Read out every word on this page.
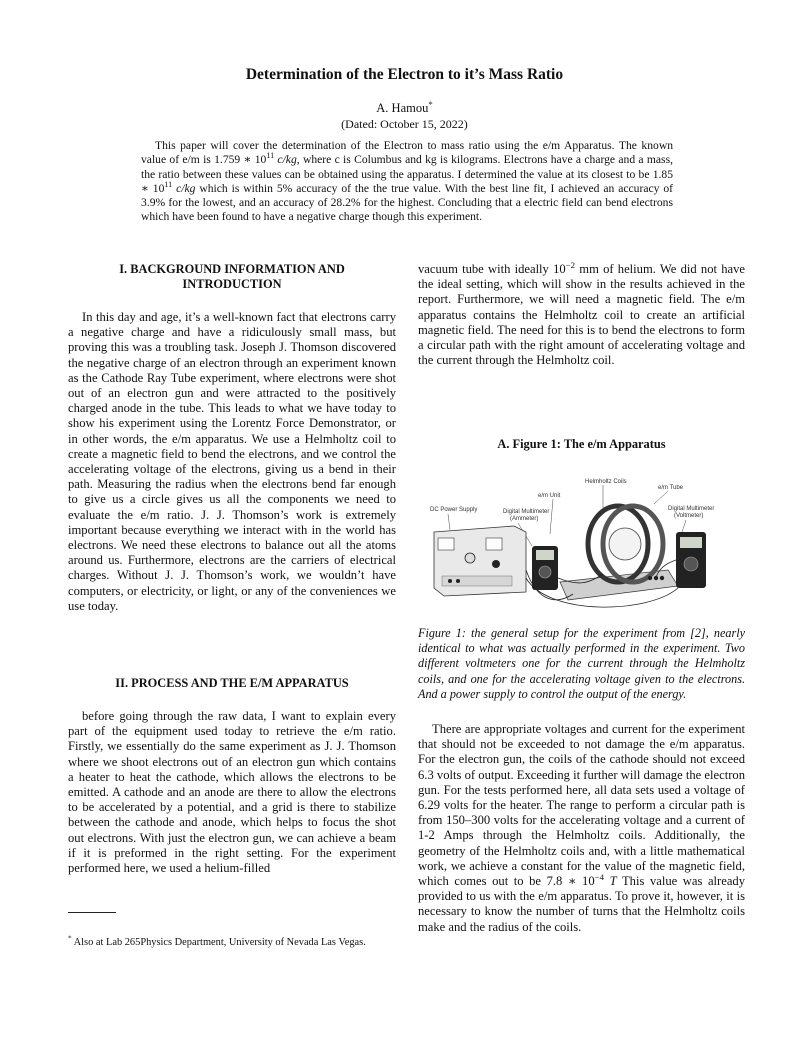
Determination of the Electron to it’s Mass Ratio
A. Hamou*
(Dated: October 15, 2022)

This paper will cover the determination of the Electron to mass ratio using the e/m Apparatus. The known value of e/m is 1.759 ∗ $10^{11}$ c/kg, where c is Columbus and kg is kilograms. Electrons have a charge and a mass, the ratio between these values can be obtained using the apparatus. I determined the value at its closest to be 1.85 ∗ $10^{11}$ c/kg which is within 5% accuracy of the the true value. With the best line fit, I achieved an accuracy of 3.9% for the lowest, and an accuracy of 28.2% for the highest. Concluding that a electric field can bend electrons which have been found to have a negative charge though this experiment.

I. BACKGROUND INFORMATION AND INTRODUCTION

In this day and age, it’s a well-known fact that electrons carry a negative charge and have a ridiculously small mass, but proving this was a troubling task. Joseph J. Thomson discovered the negative charge of an electron through an experiment known as the Cathode Ray Tube experiment, where electrons were shot out of an electron gun and were attracted to the positively charged anode in the tube. This leads to what we have today to show his experiment using the Lorentz Force Demonstrator, or in other words, the e/m apparatus. We use a Helmholtz coil to create a magnetic field to bend the electrons, and we control the accelerating voltage of the electrons, giving us a bend in their path. Measuring the radius when the electrons bend far enough to give us a circle gives us all the components we need to evaluate the e/m ratio. J. J. Thomson’s work is extremely important because everything we interact with in the world has electrons. We need these electrons to balance out all the atoms around us. Furthermore, electrons are the carriers of electrical charges. Without J. J. Thomson’s work, we wouldn’t have computers, or electricity, or light, or any of the conveniences we use today.

II. PROCESS AND THE E/M APPARATUS

before going through the raw data, I want to explain every part of the equipment used today to retrieve the e/m ratio. Firstly, we essentially do the same experiment as J. J. Thomson where we shoot electrons out of an electron gun which contains a heater to heat the cathode, which allows the electrons to be emitted. A cathode and an anode are there to allow the electrons to be accelerated by a potential, and a grid is there to stabilize between the cathode and anode, which helps to focus the shot out electrons. With just the electron gun, we can achieve a beam if it is preformed in the right setting. For the experiment performed here, we used a helium-filled

* Also at Lab 265Physics Department, University of Nevada Las Vegas.

vacuum tube with ideally $10^{-2}$ mm of helium. We did not have the ideal setting, which will show in the results achieved in the report. Furthermore, we will need a magnetic field. The e/m apparatus contains the Helmholtz coil to create an artificial magnetic field. The need for this is to bend the electrons to form a circular path with the right amount of accelerating voltage and the current through the Helmholtz coil.

A. Figure 1: The e/m Apparatus
Helmholtz Coils
e/m Tube
e/m Unit
DC Power Supply	Digital Multimeter
(Ammeter)
Digital Multimeter
(Voltmeter)

Figure 1: the general setup for the experiment from [2], nearly identical to what was actually performed in the experiment. Two different voltmeters one for the current through the Helmholtz coils, and one for the accelerating voltage given to the electrons. And a power supply to control the output of the energy.

There are appropriate voltages and current for the experiment that should not be exceeded to not damage the e/m apparatus. For the electron gun, the coils of the cathode should not exceed 6.3 volts of output. Exceeding it further will damage the electron gun. For the tests performed here, all data sets used a voltage of 6.29 volts for the heater. The range to perform a circular path is from 150–300 volts for the accelerating voltage and a current of 1-2 Amps through the Helmholtz coils. Additionally, the geometry of the Helmholtz coils and, with a little mathematical work, we achieve a constant for the value of the magnetic field, which comes out to be 7.8 ∗ $10^{-4}$ T This value was already provided to us with the e/m apparatus. To prove it, however, it is necessary to know the number of turns that the Helmholtz coils make and the radius of the coils.
